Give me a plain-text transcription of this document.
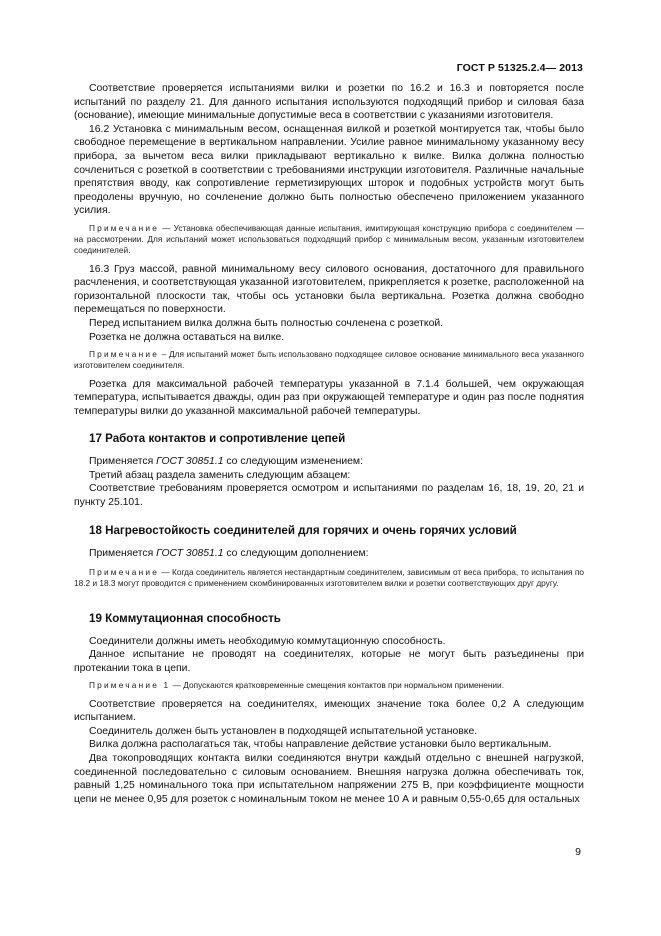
ГОСТ Р 51325.2.4— 2013

Соответствие проверяется испытаниями вилки и розетки по 16.2 и 16.3 и повторяется после испытаний по разделу 21. Для данного испытания используются подходящий прибор и силовая база (основание), имеющие минимальные допустимые веса в соответствии с указаниями изготовителя.

16.2 Установка с минимальным весом, оснащенная вилкой и розеткой монтируется так, чтобы было свободное перемещение в вертикальном направлении. Усилие равное минимальному указанному весу прибора, за вычетом веса вилки прикладывают вертикально к вилке. Вилка должна полностью сочлениться с розеткой в соответствии с требованиями инструкции изготовителя. Различные начальные препятствия вводу, как сопротивление герметизирующих шторок и подобных устройств могут быть преодолены вручную, но сочленение должно быть полностью обеспечено приложением указанного усилия.

Примечание — Установка обеспечивающая данные испытания, имитирующая конструкцию прибора с соединителем — на рассмотрении. Для испытаний может использоваться подходящий прибор с минимальным весом, указанным изготовителем соединителей.

16.3 Груз массой, равной минимальному весу силового основания, достаточного для правильного расчленения, и соответствующая указанной изготовителем, прикрепляется к розетке, расположенной на горизонтальной плоскости так, чтобы ось установки была вертикальна. Розетка должна свободно перемещаться по поверхности.

Перед испытанием вилка должна быть полностью сочленена с розеткой.

Розетка не должна оставаться на вилке.

Примечание – Для испытаний может быть использовано подходящее силовое основание минимального веса указанного изготовителем соединителя.

Розетка для максимальной рабочей температуры указанной в 7.1.4 большей, чем окружающая температура, испытывается дважды, один раз при окружающей температуре и один раз после поднятия температуры вилки до указанной максимальной рабочей температуры.

17 Работа контактов и сопротивление цепей

Применяется ГОСТ 30851.1 со следующим изменением:

Третий абзац раздела заменить следующим абзацем:

Соответствие требованиям проверяется осмотром и испытаниями по разделам 16, 18, 19, 20, 21 и пункту 25.101.

18 Нагревостойкость соединителей для горячих и очень горячих условий

Применяется ГОСТ 30851.1 со следующим дополнением:

Примечание — Когда соединитель является нестандартным соединителем, зависимым от веса прибора, то испытания по 18.2 и 18.3 могут проводится с применением скомбинированных изготовителем вилки и розетки соответствующих друг другу.

19 Коммутационная способность

Соединители должны иметь необходимую коммутационную способность.

Данное испытание не проводят на соединителях, которые не могут быть разъединены при протекании тока в цепи.

Примечание 1 — Допускаются кратковременные смещения контактов при нормальном применении.

Соответствие проверяется на соединителях, имеющих значение тока более 0,2 А следующим испытанием.

Соединитель должен быть установлен в подходящей испытательной установке.

Вилка должна располагаться так, чтобы направление действие установки было вертикальным.

Два токопроводящих контакта вилки соединяются внутри каждый отдельно с внешней нагрузкой, соединенной последовательно с силовым основанием. Внешняя нагрузка должна обеспечивать ток, равный 1,25 номинального тока при испытательном напряжении 275 В, при коэффициенте мощности цепи не менее 0,95 для розеток с номинальным током не менее 10 А и равным 0,55-0,65 для остальных

9
